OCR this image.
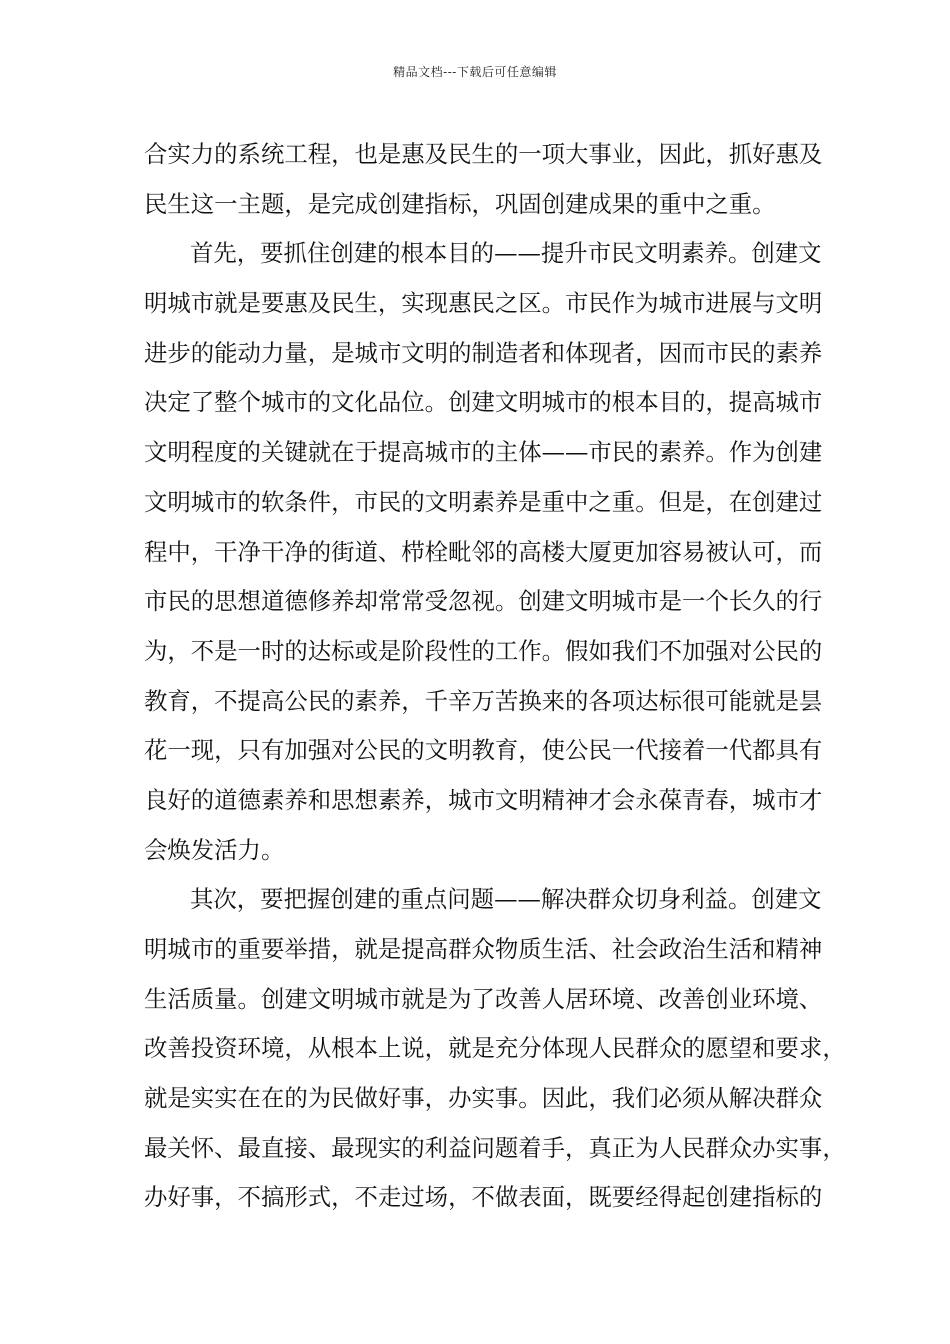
精品文档---下载后可任意编辑
合实力的系统工程，也是惠及民生的一项大事业，因此，抓好惠及
民生这一主题，是完成创建指标，巩固创建成果的重中之重。
首先，要抓住创建的根本目的——提升市民文明素养。创建文
明城市就是要惠及民生，实现惠民之区。市民作为城市进展与文明
进步的能动力量，是城市文明的制造者和体现者，因而市民的素养
决定了整个城市的文化品位。创建文明城市的根本目的，提高城市
文明程度的关键就在于提高城市的主体——市民的素养。作为创建
文明城市的软条件，市民的文明素养是重中之重。但是，在创建过
程中，干净干净的街道、栉栓毗邻的高楼大厦更加容易被认可，而
市民的思想道德修养却常常受忽视。创建文明城市是一个长久的行
为，不是一时的达标或是阶段性的工作。假如我们不加强对公民的
教育，不提高公民的素养，千辛万苦换来的各项达标很可能就是昙
花一现，只有加强对公民的文明教育，使公民一代接着一代都具有
良好的道德素养和思想素养，城市文明精神才会永葆青春，城市才
会焕发活力。
其次，要把握创建的重点问题——解决群众切身利益。创建文
明城市的重要举措，就是提高群众物质生活、社会政治生活和精神
生活质量。创建文明城市就是为了改善人居环境、改善创业环境、
改善投资环境，从根本上说，就是充分体现人民群众的愿望和要求，
就是实实在在的为民做好事，办实事。因此，我们必须从解决群众
最关怀、最直接、最现实的利益问题着手，真正为人民群众办实事，
办好事，不搞形式，不走过场，不做表面，既要经得起创建指标的
